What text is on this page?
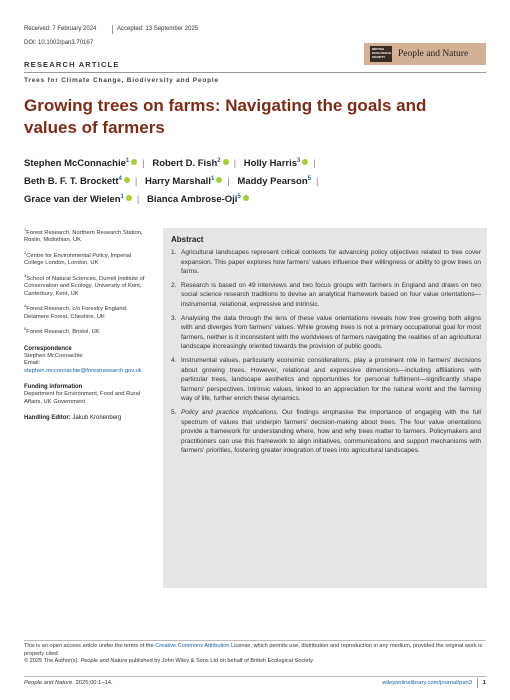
Received: 7 February 2024	Accepted: 13 September 2025
DOI: 10.1002/pan3.70167
BRITISH ECOLOGICAL SOCIETY	People and Nature
RESEARCH ARTICLE
Trees for Climate Change, Biodiversity and People
Growing trees on farms: Navigating the goals and values of farmers
Stephen McConnachie$^1$ | Robert D. Fish$^2$ | Holly Harris$^3$ |
Beth B. F. T. Brockett$^4$ | Harry Marshall$^1$ | Maddy Pearson$^5$ |
Grace van der Wielen$^1$ | Bianca Ambrose-Oji$^5$
$^1$Forest Research, Northern Research Station, Roslin, Midlothian, UK
$^2$Centre for Environmental Policy, Imperial College London, London, UK
$^3$School of Natural Sciences, Durrell Institute of Conservation and Ecology, University of Kent, Canterbury, Kent, UK
$^4$Forest Research, c/o Forestry England, Delamere Forest, Cheshire, UK
$^5$Forest Research, Bristol, UK
Correspondence
Stephen McConnachie
Email: stephen.mcconnachie@forestresearch.gov.uk
Funding information
Department for Environment, Food and Rural Affairs, UK Government
Handling Editor: Jakub Kronenberg
Abstract
1. Agricultural landscapes represent critical contexts for advancing policy objectives related to tree cover expansion. This paper explores how farmers' values influence their willingness or ability to grow trees on farms.
2. Research is based on 49 interviews and two focus groups with farmers in England and draws on two social science research traditions to devise an analytical framework based on four value orientations—instrumental, relational, expressive and intrinsic.
3. Analysing the data through the lens of these value orientations reveals how tree growing both aligns with and diverges from farmers' values. While growing trees is not a primary occupational goal for most farmers, neither is it inconsistent with the worldviews of farmers navigating the realities of an agricultural landscape increasingly oriented towards the provision of public goods.
4. Instrumental values, particularly economic considerations, play a prominent role in farmers' decisions about growing trees. However, relational and expressive dimensions—including affiliations with particular trees, landscape aesthetics and opportunities for personal fulfilment—significantly shape farmers' perspectives. Intrinsic values, linked to an appreciation for the natural world and the farming way of life, further enrich these dynamics.
5. Policy and practice implications. Our findings emphasise the importance of engaging with the full spectrum of values that underpin farmers' decision-making about trees. The four value orientations provide a framework for understanding where, how and why trees matter to farmers. Policymakers and practitioners can use this framework to align initiatives, communications and support mechanisms with farmers' priorities, fostering greater integration of trees into agricultural landscapes.
This is an open access article under the terms of the Creative Commons Attribution License, which permits use, distribution and reproduction in any medium, provided the original work is properly cited.
© 2025 The Author(s). People and Nature published by John Wiley & Sons Ltd on behalf of British Ecological Society.
People and Nature. 2025;00:1–14.	wileyonlinelibrary.com/journal/pan3 1
